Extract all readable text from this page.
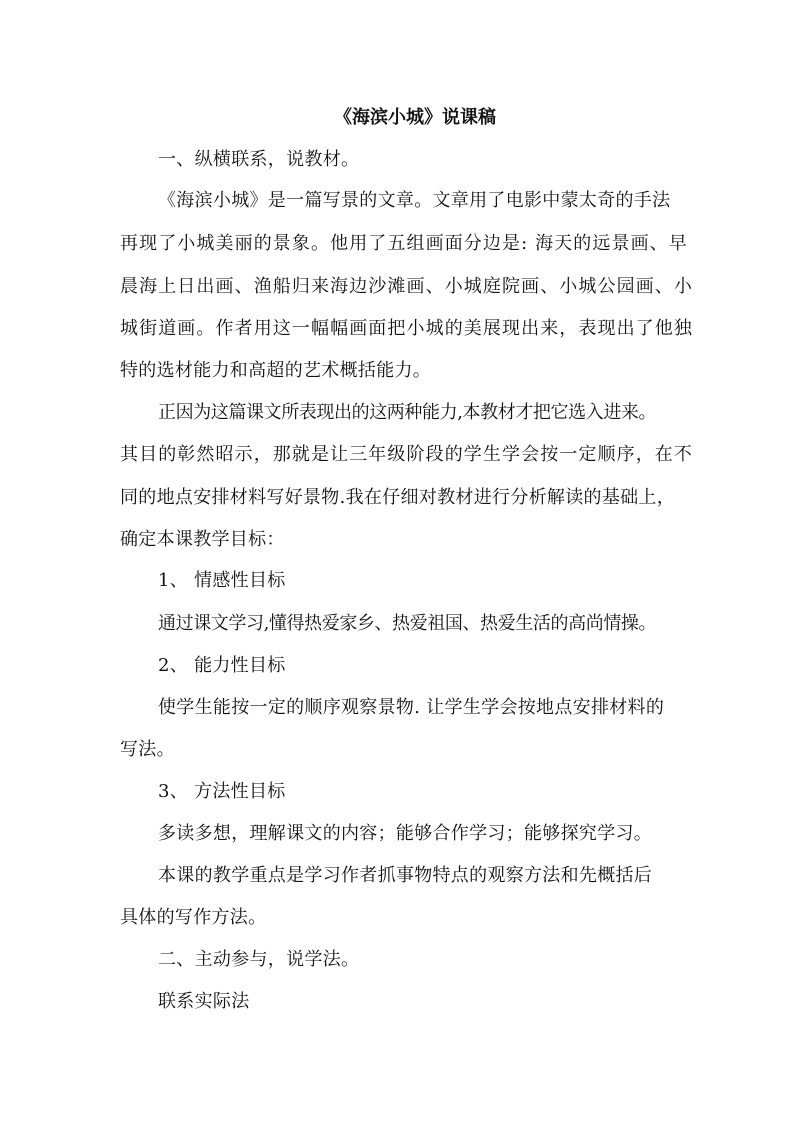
《海滨小城》说课稿
一、纵横联系，说教材。
《海滨小城》是一篇写景的文章。文章用了电影中蒙太奇的手法
再现了小城美丽的景象。他用了五组画面分边是: 海天的远景画、早
晨海上日出画、渔船归来海边沙滩画、小城庭院画、小城公园画、小
城街道画。作者用这一幅幅画面把小城的美展现出来，表现出了他独
特的选材能力和高超的艺术概括能力。
正因为这篇课文所表现出的这两种能力,本教材才把它选入进来。
其目的彰然昭示，那就是让三年级阶段的学生学会按一定顺序，在不
同的地点安排材料写好景物.我在仔细对教材进行分析解读的基础上，
确定本课教学目标：
1、 情感性目标
通过课文学习,懂得热爱家乡、热爱祖国、热爱生活的高尚情操。
2、 能力性目标
使学生能按一定的顺序观察景物. 让学生学会按地点安排材料的
写法。
3、 方法性目标
多读多想，理解课文的内容；能够合作学习；能够探究学习。
本课的教学重点是学习作者抓事物特点的观察方法和先概括后
具体的写作方法。
二、主动参与，说学法。
联系实际法
